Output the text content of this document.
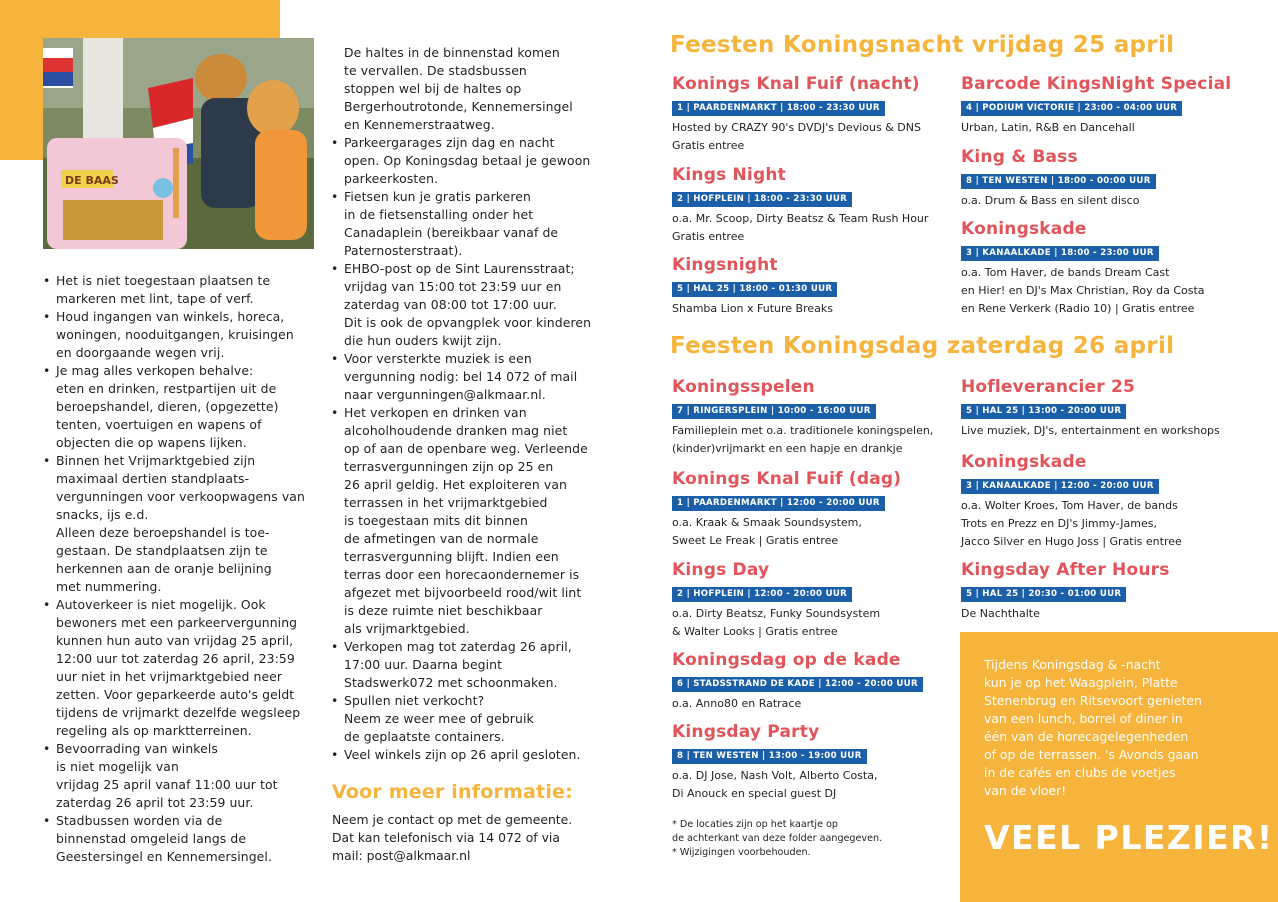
DE BAAS
• Het is niet toegestaan plaatsen te
markeren met lint, tape of verf.
• Houd ingangen van winkels, horeca,
woningen, nooduitgangen, kruisingen
en doorgaande wegen vrij.
• Je mag alles verkopen behalve:
eten en drinken, restpartijen uit de
beroepshandel, dieren, (opgezette)
tenten, voertuigen en wapens of
objecten die op wapens lijken.
• Binnen het Vrijmarktgebied zijn
maximaal dertien standplaats-
vergunningen voor verkoopwagens van
snacks, ijs e.d.
Alleen deze beroepshandel is toe-
gestaan. De standplaatsen zijn te
herkennen aan de oranje belijning
met nummering.
• Autoverkeer is niet mogelijk. Ook
bewoners met een parkeervergunning
kunnen hun auto van vrijdag 25 april,
12:00 uur tot zaterdag 26 april, 23:59
uur niet in het vrijmarktgebied neer
zetten. Voor geparkeerde auto's geldt
tijdens de vrijmarkt dezelfde wegsleep
regeling als op marktterreinen.
• Bevoorrading van winkels
is niet mogelijk van
vrijdag 25 april vanaf 11:00 uur tot
zaterdag 26 april tot 23:59 uur.
• Stadbussen worden via de
binnenstad omgeleid langs de
Geestersingel en Kennemersingel.
De haltes in de binnenstad komen
te vervallen. De stadsbussen
stoppen wel bij de haltes op
Bergerhoutrotonde, Kennemersingel
en Kennemerstraatweg.
• Parkeergarages zijn dag en nacht
open. Op Koningsdag betaal je gewoon
parkeerkosten.
• Fietsen kun je gratis parkeren
in de fietsenstalling onder het
Canadaplein (bereikbaar vanaf de
Paternosterstraat).
• EHBO-post op de Sint Laurensstraat;
vrijdag van 15:00 tot 23:59 uur en
zaterdag van 08:00 tot 17:00 uur.
Dit is ook de opvangplek voor kinderen
die hun ouders kwijt zijn.
• Voor versterkte muziek is een
vergunning nodig: bel 14 072 of mail
naar vergunningen@alkmaar.nl.
• Het verkopen en drinken van
alcoholhoudende dranken mag niet
op of aan de openbare weg. Verleende
terrasvergunningen zijn op 25 en
26 april geldig. Het exploiteren van
terrassen in het vrijmarktgebied
is toegestaan mits dit binnen
de afmetingen van de normale
terrasvergunning blijft. Indien een
terras door een horecaondernemer is
afgezet met bijvoorbeeld rood/wit lint
is deze ruimte niet beschikbaar
als vrijmarktgebied.
• Verkopen mag tot zaterdag 26 april,
17:00 uur. Daarna begint
Stadswerk072 met schoonmaken.
• Spullen niet verkocht?
Neem ze weer mee of gebruik
de geplaatste containers.
• Veel winkels zijn op 26 april gesloten.
Voor meer informatie:
Neem je contact op met de gemeente.
Dat kan telefonisch via 14 072 of via
mail: post@alkmaar.nl
Feesten Koningsnacht vrijdag 25 april
Konings Knal Fuif (nacht)
1 | PAARDENMARKT | 18:00 - 23:30 UUR
Hosted by CRAZY 90's DVDJ's Devious & DNS
Gratis entree
Kings Night
2 | HOFPLEIN | 18:00 - 23:30 UUR
o.a. Mr. Scoop, Dirty Beatsz & Team Rush Hour
Gratis entree
Kingsnight
5 | HAL 25 | 18:00 - 01:30 UUR
Shamba Lion x Future Breaks
Barcode KingsNight Special
4 | PODIUM VICTORIE | 23:00 - 04:00 UUR
Urban, Latin, R&B en Dancehall
King & Bass
8 | TEN WESTEN | 18:00 - 00:00 UUR
o.a. Drum & Bass en silent disco
Koningskade
3 | KANAALKADE | 18:00 - 23:00 UUR
o.a. Tom Haver, de bands Dream Cast
en Hier! en DJ's Max Christian, Roy da Costa
en Rene Verkerk (Radio 10) | Gratis entree
Feesten Koningsdag zaterdag 26 april
Koningsspelen
7 | RINGERSPLEIN | 10:00 - 16:00 UUR
Familieplein met o.a. traditionele koningspelen,
(kinder)vrijmarkt en een hapje en drankje
Konings Knal Fuif (dag)
1 | PAARDENMARKT | 12:00 - 20:00 UUR
o.a. Kraak & Smaak Soundsystem,
Sweet Le Freak | Gratis entree
Kings Day
2 | HOFPLEIN | 12:00 - 20:00 UUR
o.a. Dirty Beatsz, Funky Soundsystem
& Walter Looks | Gratis entree
Koningsdag op de kade
6 | STADSSTRAND DE KADE | 12:00 - 20:00 UUR
o.a. Anno80 en Ratrace
Kingsday Party
8 | TEN WESTEN | 13:00 - 19:00 UUR
o.a. DJ Jose, Nash Volt, Alberto Costa,
Di Anouck en special guest DJ
Hofleverancier 25
5 | HAL 25 | 13:00 - 20:00 UUR
Live muziek, DJ's, entertainment en workshops
Koningskade
3 | KANAALKADE | 12:00 - 20:00 UUR
o.a. Wolter Kroes, Tom Haver, de bands
Trots en Prezz en DJ's Jimmy-James,
Jacco Silver en Hugo Joss | Gratis entree
Kingsday After Hours
5 | HAL 25 | 20:30 - 01:00 UUR
De Nachthalte
* De locaties zijn op het kaartje op
de achterkant van deze folder aangegeven.
* Wijzigingen voorbehouden.
Tijdens Koningsdag & -nacht
kun je op het Waagplein, Platte
Stenenbrug en Ritsevoort genieten
van een lunch, borrel of diner in
één van de horecagelegenheden
of op de terrassen. 's Avonds gaan
in de cafés en clubs de voetjes
van de vloer!
VEEL PLEZIER!
